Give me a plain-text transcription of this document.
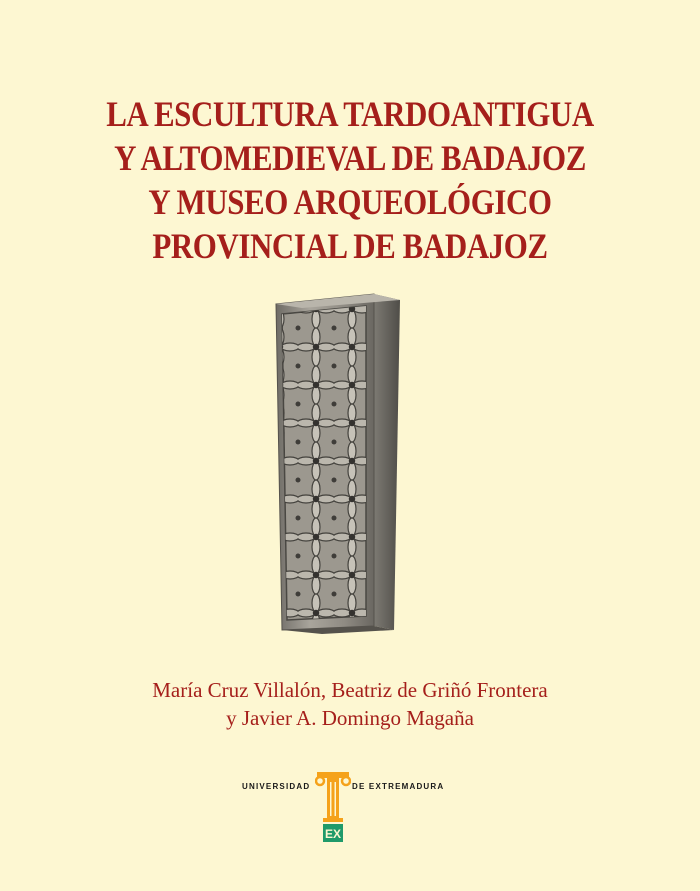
LA ESCULTURA TARDOANTIGUA
Y ALTOMEDIEVAL DE BADAJOZ
Y MUSEO ARQUEOLÓGICO
PROVINCIAL DE BADAJOZ
María Cruz Villalón, Beatriz de Griñó Frontera
y Javier A. Domingo Magaña
UNIVERSIDAD
EX
DE EXTREMADURA
